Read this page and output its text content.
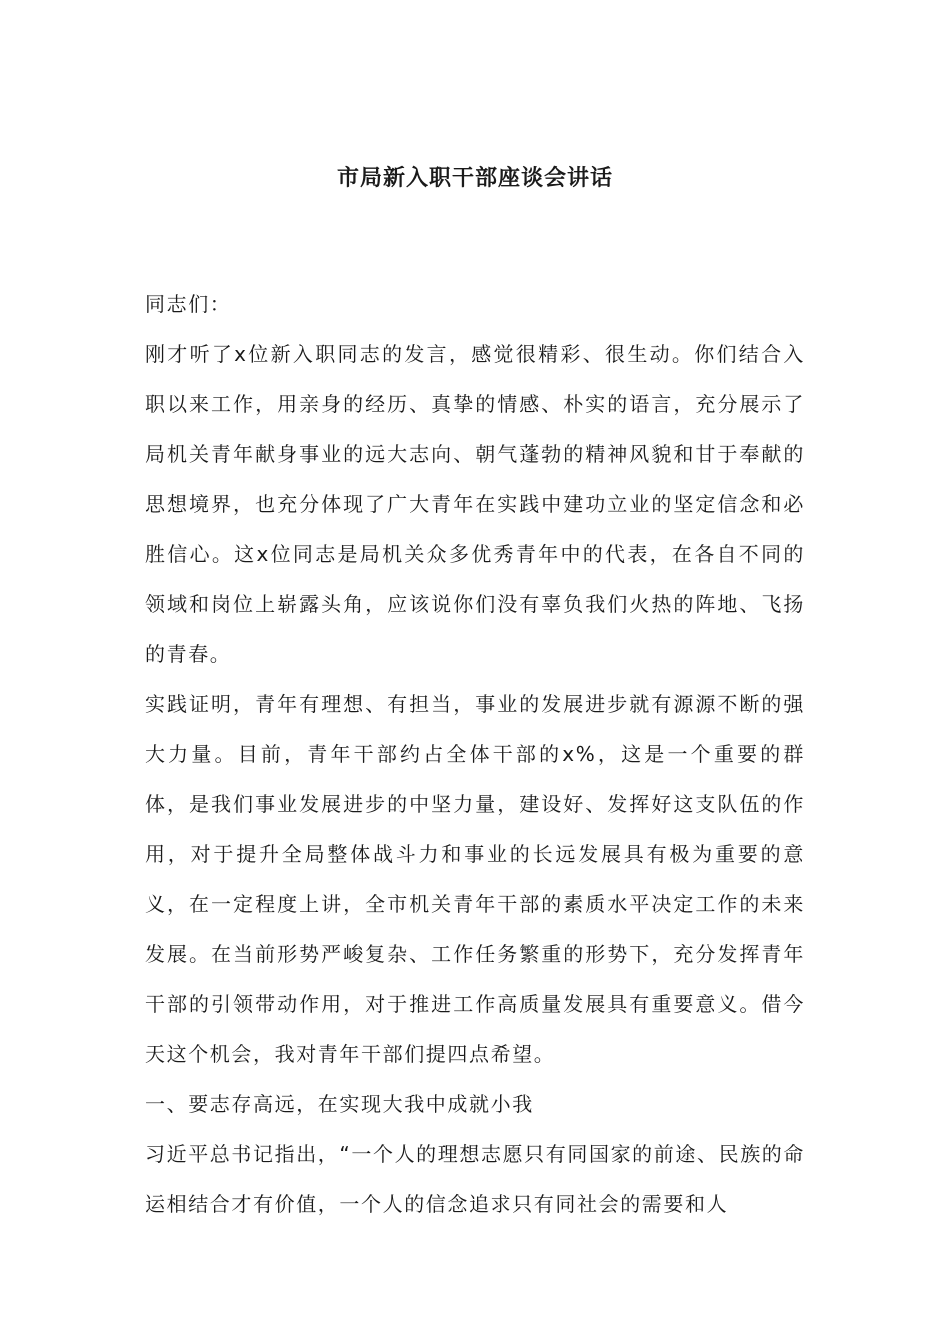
市局新入职干部座谈会讲话

同志们：

刚才听了x位新入职同志的发言，感觉很精彩、很生动。你们结合入职以来工作，用亲身的经历、真挚的情感、朴实的语言，充分展示了局机关青年献身事业的远大志向、朝气蓬勃的精神风貌和甘于奉献的思想境界，也充分体现了广大青年在实践中建功立业的坚定信念和必胜信心。这x位同志是局机关众多优秀青年中的代表，在各自不同的领域和岗位上崭露头角，应该说你们没有辜负我们火热的阵地、飞扬的青春。

实践证明，青年有理想、有担当，事业的发展进步就有源源不断的强大力量。目前，青年干部约占全体干部的x%，这是一个重要的群体，是我们事业发展进步的中坚力量，建设好、发挥好这支队伍的作用，对于提升全局整体战斗力和事业的长远发展具有极为重要的意义，在一定程度上讲，全市机关青年干部的素质水平决定工作的未来发展。在当前形势严峻复杂、工作任务繁重的形势下，充分发挥青年干部的引领带动作用，对于推进工作高质量发展具有重要意义。借今天这个机会，我对青年干部们提四点希望。

一、要志存高远，在实现大我中成就小我

习近平总书记指出，“一个人的理想志愿只有同国家的前途、民族的命运相结合才有价值，一个人的信念追求只有同社会的需要和人
